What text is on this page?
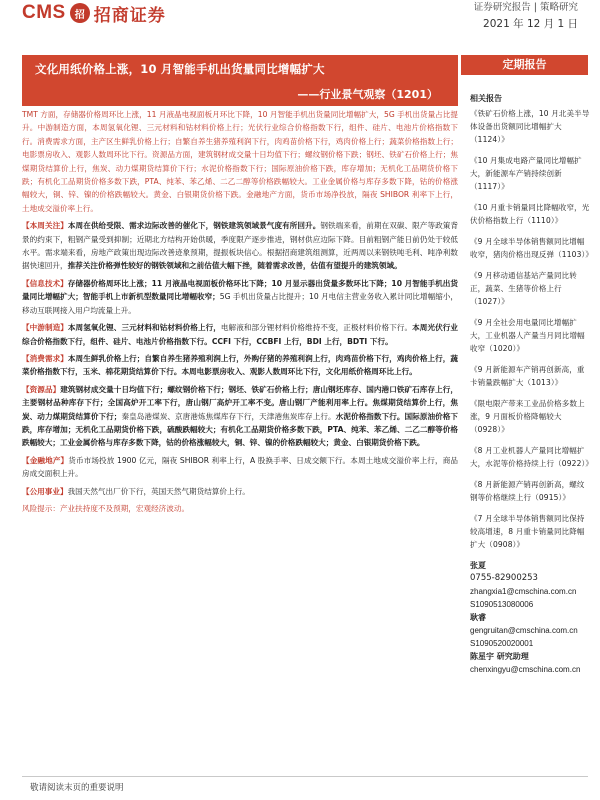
CMS 招 招商证券	证券研究报告 | 策略研究
2021 年 12 月 1 日
文化用纸价格上涨，10 月智能手机出货量同比增幅扩大
——行业景气观察（1201）
定期报告

TMT 方面，存储器价格周环比上涨，11 月液晶电视面板月环比下降，10 月智能手机出货量同比增幅扩大，5G 手机出货量占比提升。中游制造方面，本周氢氧化锂、三元材料和钴材料价格上行；光伏行业综合价格指数下行，组件、硅片、电池片价格指数下行。消费需求方面，主产区生鲜乳价格上行；自繁自养生猪养殖利润下行，肉鸡苗价格下行，鸡肉价格上行；蔬菜价格指数上行；电影票房收入、观影人数周环比下行。资源品方面，建筑钢材成交量十日均值下行；螺纹钢价格下跌；钢坯、铁矿石价格上行；焦煤期货结算价上行，焦炭、动力煤期货结算价下行；水泥价格指数下行；国际原油价格下跌，库存增加；无机化工品期货价格下跌；有机化工品期货价格多数下跌，PTA、纯苯、苯乙烯、二乙二醇等价格跌幅较大。工业金属价格与库存多数下降，钴的价格涨幅较大，铜、锌、镍的价格跌幅较大。黄金、白银期货价格下跌。金融地产方面，货币市场净投放，隔夜 SHIBOR 利率下上行，土地成交溢价率上行。

【本周关注】本周在供给受限、需求边际改善的催化下，钢铁建筑领域景气度有所回升。钢铁端来看，前期在双碳、限产等政策背景的约束下，粗钢产量受到抑制；近期北方结构开始供暖，季度限产逐步推进，钢材供应边际下降。目前粗钢产能日前仍处于较低水平。需求端来看，房地产政策出现边际改善迹象预期，提振板块信心。根据招商建筑组测算，近两周以来钢铁吨毛利、吨净利数据快速回升，推荐关注价格弹性较好的钢铁领域和之前估值大幅下挫，随着需求改善，估值有望提升的建筑领域。

【信息技术】存储器价格周环比上涨；11 月液晶电视面板价格环比下降；10 月显示器出货量多数环比下降；10 月智能手机出货量同比增幅扩大；智能手机上市新机型数量同比增幅收窄；5G 手机出货量占比提升；10 月电信主营业务收入累计同比增幅缩小，移动互联网接入用户均流量上升。

【中游制造】本周氢氧化锂、三元材料和钴材料价格上行，电解液和部分锂材料价格维持不变，正极材料价格下行。本周光伏行业综合价格指数下行，组件、硅片、电池片价格指数下行。CCFI 下行，CCBFI 上行，BDI 上行，BDTI 下行。

【消费需求】本周生鲜乳价格上行；自繁自养生猪养殖利润上行，外购仔猪的养殖利润上行，肉鸡苗价格下行，鸡肉价格上行，蔬菜价格指数下行，玉米、棉花期货结算价下行。本周电影票房收入、观影人数周环比下行，文化用纸价格周环比上行。

【资源品】建筑钢材成交量十日均值下行；螺纹钢价格下行；钢坯、铁矿石价格上行；唐山钢坯库存、国内港口铁矿石库存上行，主要钢材品种库存下行；全国高炉开工率下行，唐山钢厂高炉开工率不变。唐山钢厂产能利用率上行。焦煤期货结算价上行，焦炭、动力煤期货结算价下行；秦皇岛港煤炭、京唐港炼焦煤库存下行，天津港焦炭库存上行。水泥价格指数下行。国际原油价格下跌，库存增加；无机化工品期货价格下跌，硫酸跌幅较大；有机化工品期货价格多数下跌，PTA、纯苯、苯乙烯、二乙二醇等价格跌幅较大；工业金属价格与库存多数下降，钴的价格涨幅较大，铜、锌、镍的价格跌幅较大；黄金、白银期货价格下跌。

【金融地产】货币市场投放 1900 亿元，隔夜 SHIBOR 利率上行，A 股换手率、日成交额下行。本周土地成交溢价率上行，商品房成交面积上升。

【公用事业】我国天然气出厂价下行，英国天然气期货结算价上行。

风险提示：产业扶持度不及预期，宏观经济波动。

相关报告
《铁矿石价格上涨，10 月北美半导体设备出货额同比增幅扩大（1124）》
《10 月集成电路产量同比增幅扩大，新能源车产销持续创新（1117）》
《10 月重卡销量同比降幅收窄，光伏价格指数上行（1110）》
《9 月全球半导体销售额同比增幅收窄，猪肉价格出现反弹（1103）》
《9 月移动通信基站产量同比转正，蔬菜、生猪等价格上行（1027）》
《9 月全社会用电量同比增幅扩大，工业机器人产量当月同比增幅收窄（1020）》
《9 月新能源车产销再创新高，重卡销量跌幅扩大（1013）》
《限电限产带来工业品价格多数上涨，9 月面板价格降幅较大（0928）》
《8 月工业机器人产量同比增幅扩大，水泥等价格持续上行（0922）》
《8 月新能源产销再创新高，螺纹钢等价格继续上行（0915）》
《7 月全球半导体销售额同比保持较高增速，8 月重卡销量同比降幅扩大（0908）》
张夏
0755-82900253
zhangxia1@cmschina.com.cn
S1090513080006
耿睿
gengruitan@cmschina.com.cn
S1090520020001
陈星宇 研究助理
chenxingyu@cmschina.com.cn
敬请阅读末页的重要说明
